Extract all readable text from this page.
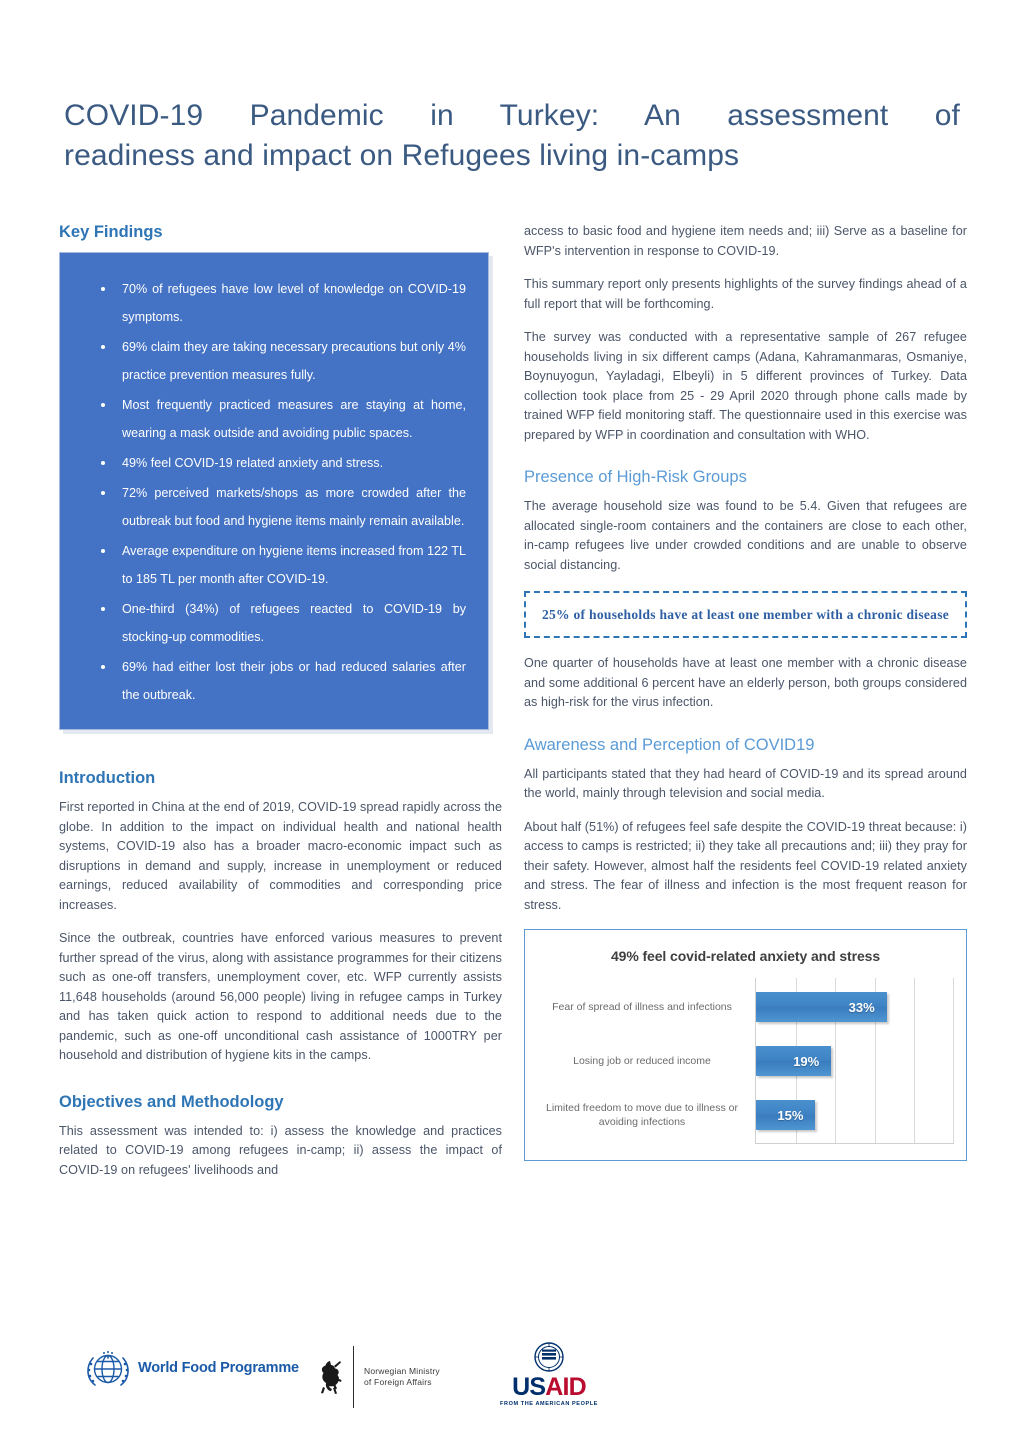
COVID-19 Pandemic in Turkey: An assessment of
readiness and impact on Refugees living in-camps
Key Findings
70% of refugees have low level of knowledge on COVID-19 symptoms.
69% claim they are taking necessary precautions but only 4% practice prevention measures fully.
Most frequently practiced measures are staying at home, wearing a mask outside and avoiding public spaces.
49% feel COVID-19 related anxiety and stress.
72% perceived markets/shops as more crowded after the outbreak but food and hygiene items mainly remain available.
Average expenditure on hygiene items increased from 122 TL to 185 TL per month after COVID-19.
One-third (34%) of refugees reacted to COVID-19 by stocking-up commodities.
69% had either lost their jobs or had reduced salaries after the outbreak.
Introduction

First reported in China at the end of 2019, COVID-19 spread rapidly across the globe. In addition to the impact on individual health and national health systems, COVID-19 also has a broader macro-economic impact such as disruptions in demand and supply, increase in unemployment or reduced earnings, reduced availability of commodities and corresponding price increases.

Since the outbreak, countries have enforced various measures to prevent further spread of the virus, along with assistance programmes for their citizens such as one-off transfers, unemployment cover, etc. WFP currently assists 11,648 households (around 56,000 people) living in refugee camps in Turkey and has taken quick action to respond to additional needs due to the pandemic, such as one-off unconditional cash assistance of 1000TRY per household and distribution of hygiene kits in the camps.

Objectives and Methodology

This assessment was intended to: i) assess the knowledge and practices related to COVID-19 among refugees in-camp; ii) assess the impact of COVID-19 on refugees' livelihoods and

access to basic food and hygiene item needs and; iii) Serve as a baseline for WFP's intervention in response to COVID-19.

This summary report only presents highlights of the survey findings ahead of a full report that will be forthcoming.

The survey was conducted with a representative sample of 267 refugee households living in six different camps (Adana, Kahramanmaras, Osmaniye, Boynuyogun, Yayladagi, Elbeyli) in 5 different provinces of Turkey. Data collection took place from 25 - 29 April 2020 through phone calls made by trained WFP field monitoring staff. The questionnaire used in this exercise was prepared by WFP in coordination and consultation with WHO.

Presence of High-Risk Groups

The average household size was found to be 5.4. Given that refugees are allocated single-room containers and the containers are close to each other, in-camp refugees live under crowded conditions and are unable to observe social distancing.

25% of households have at least one member with a chronic disease

One quarter of households have at least one member with a chronic disease and some additional 6 percent have an elderly person, both groups considered as high-risk for the virus infection.

Awareness and Perception of COVID19

All participants stated that they had heard of COVID-19 and its spread around the world, mainly through television and social media.

About half (51%) of refugees feel safe despite the COVID-19 threat because: i) access to camps is restricted; ii) they take all precautions and; iii) they pray for their safety. However, almost half the residents feel COVID-19 related anxiety and stress. The fear of illness and infection is the most frequent reason for stress.

49% feel covid-related anxiety and stress
Fear of spread of illness and infections
Losing job or reduced income
Limited freedom to move due to illness or avoiding infections
33%
19%
15%
World Food Programme	Norwegian Ministry
of Foreign Affairs	USAID
FROM THE AMERICAN PEOPLE
